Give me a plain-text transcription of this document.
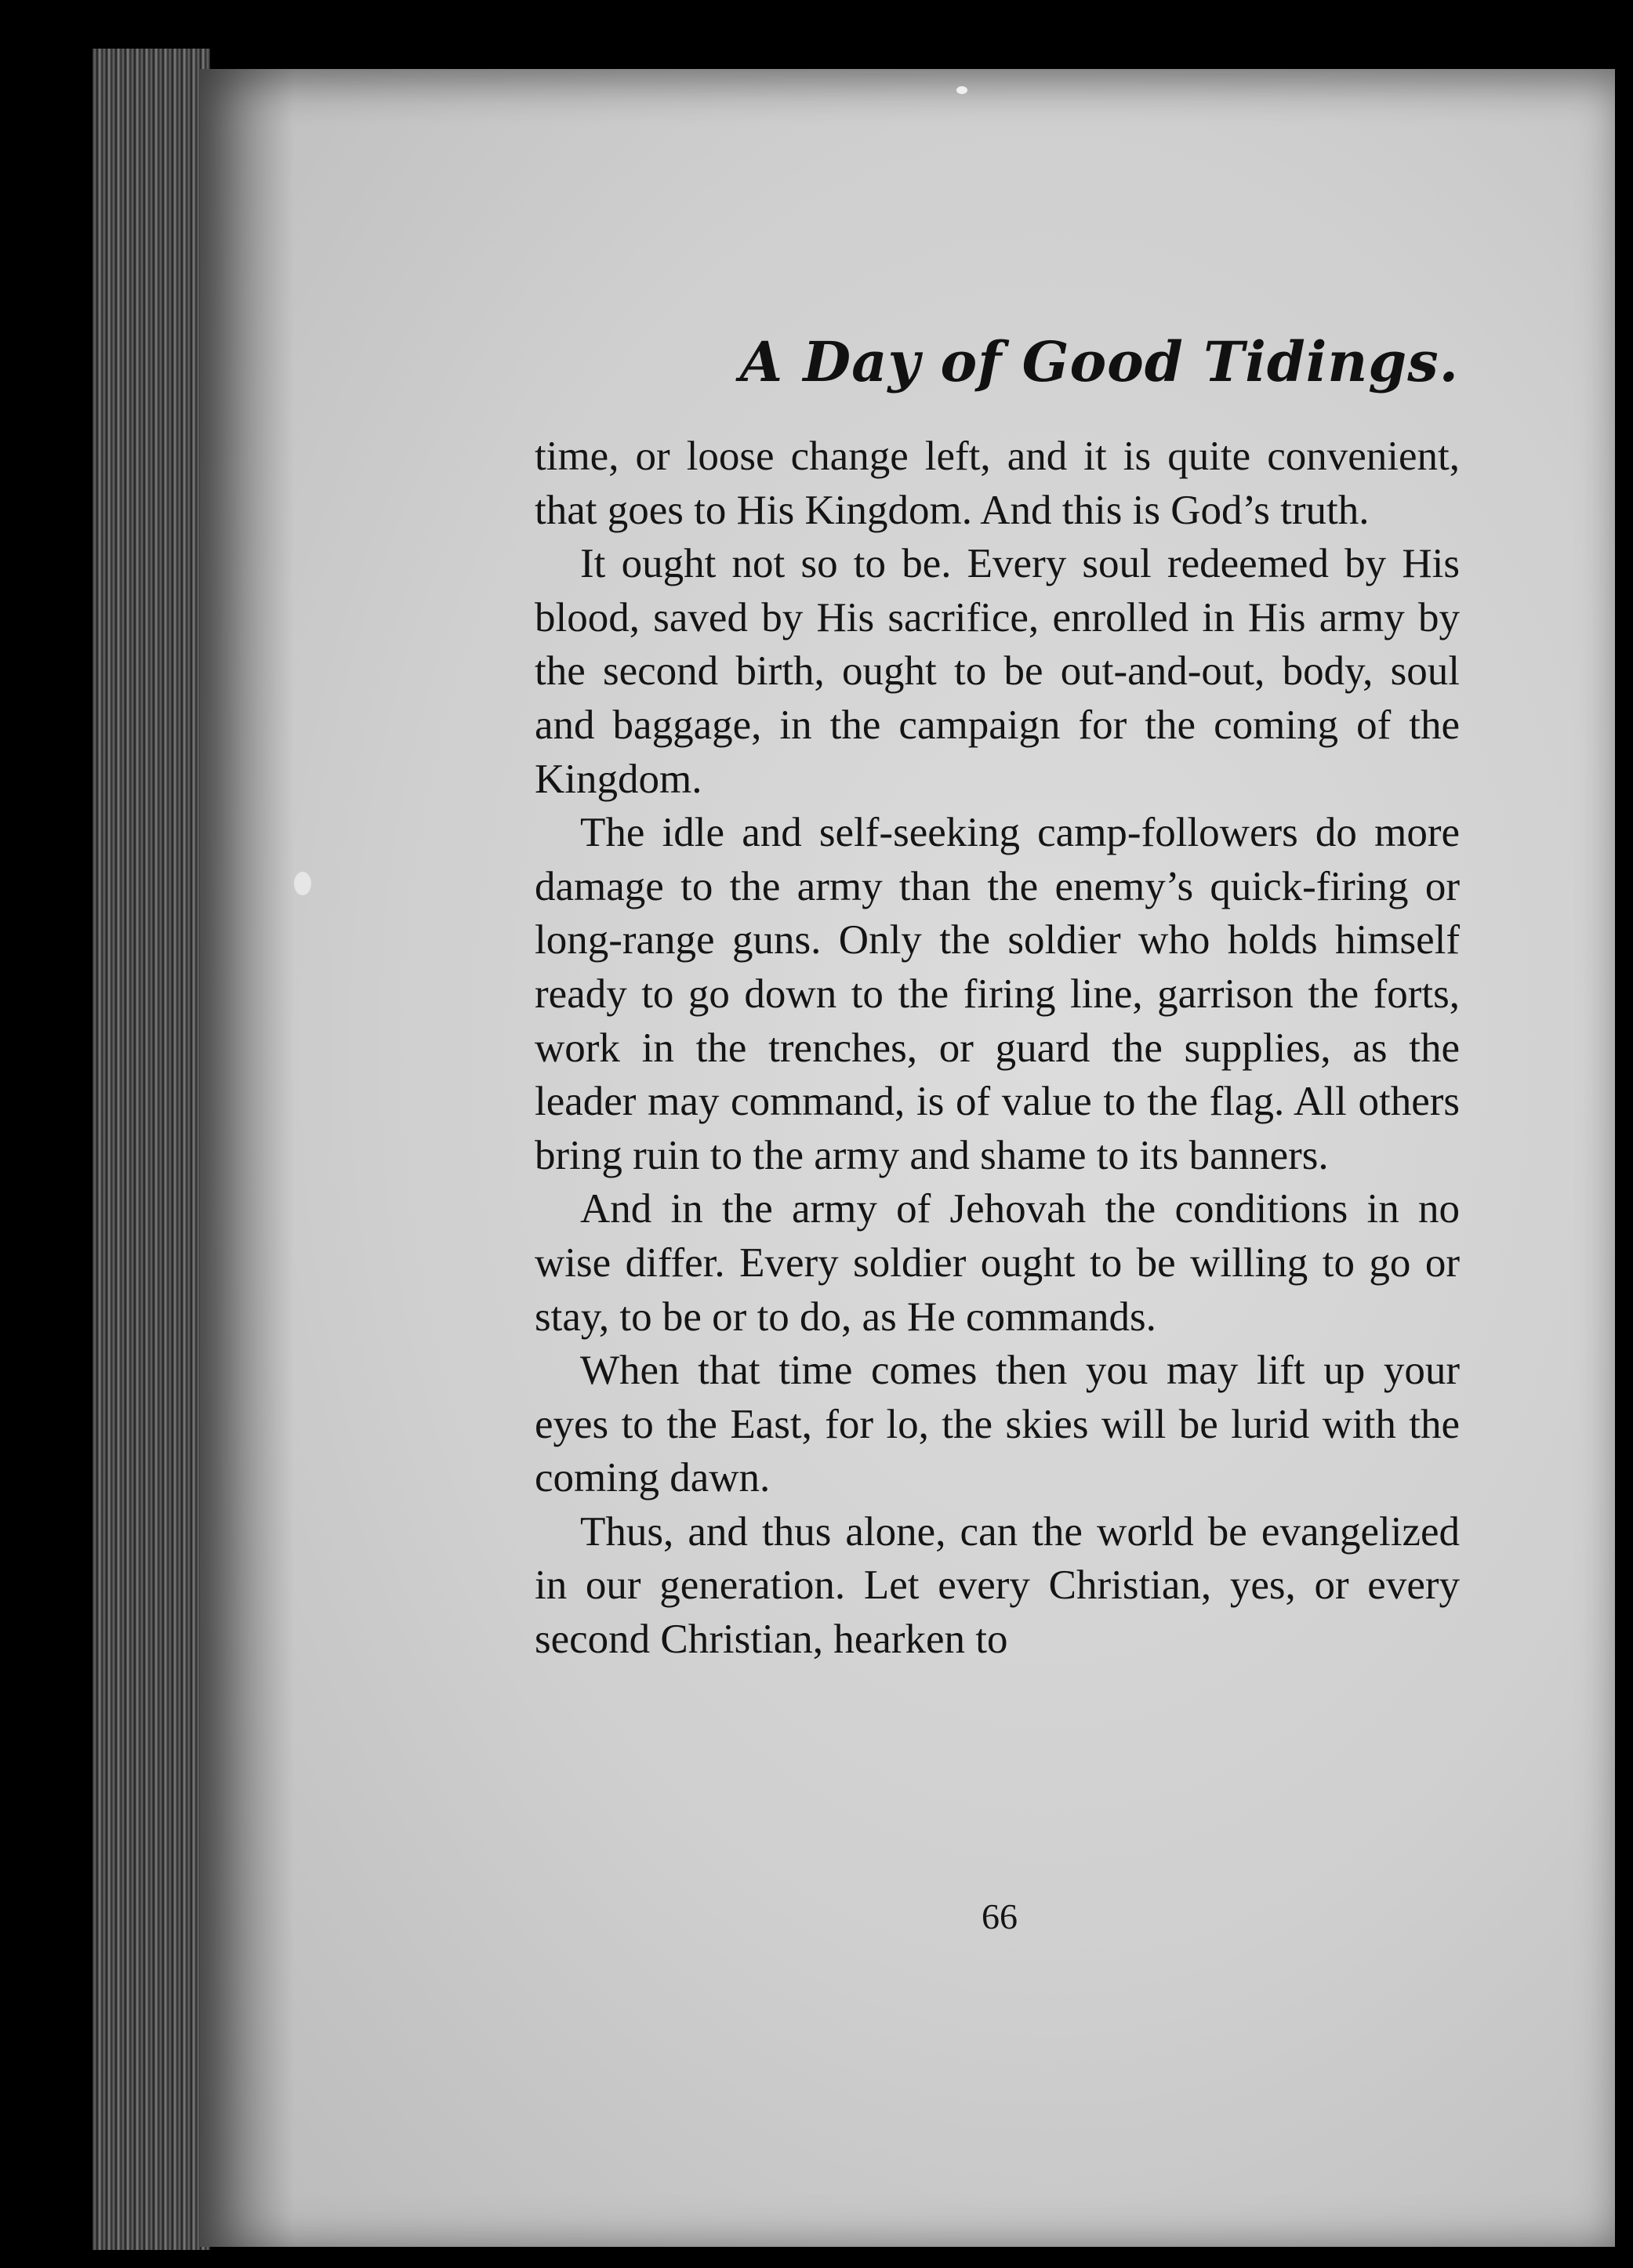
A Day of Good Tidings.

time, or loose change left, and it is quite convenient, that goes to His Kingdom. And this is God’s truth.

It ought not so to be. Every soul redeemed by His blood, saved by His sacrifice, enrolled in His army by the second birth, ought to be out-and-out, body, soul and baggage, in the campaign for the coming of the Kingdom.

The idle and self-seeking camp-followers do more damage to the army than the enemy’s quick-firing or long-range guns. Only the soldier who holds himself ready to go down to the firing line, garrison the forts, work in the trenches, or guard the supplies, as the leader may command, is of value to the flag. All others bring ruin to the army and shame to its banners.

And in the army of Jehovah the conditions in no wise differ. Every soldier ought to be willing to go or stay, to be or to do, as He commands.

When that time comes then you may lift up your eyes to the East, for lo, the skies will be lurid with the coming dawn.

Thus, and thus alone, can the world be evangelized in our generation. Let every Christian, yes, or every second Christian, hearken to

66
